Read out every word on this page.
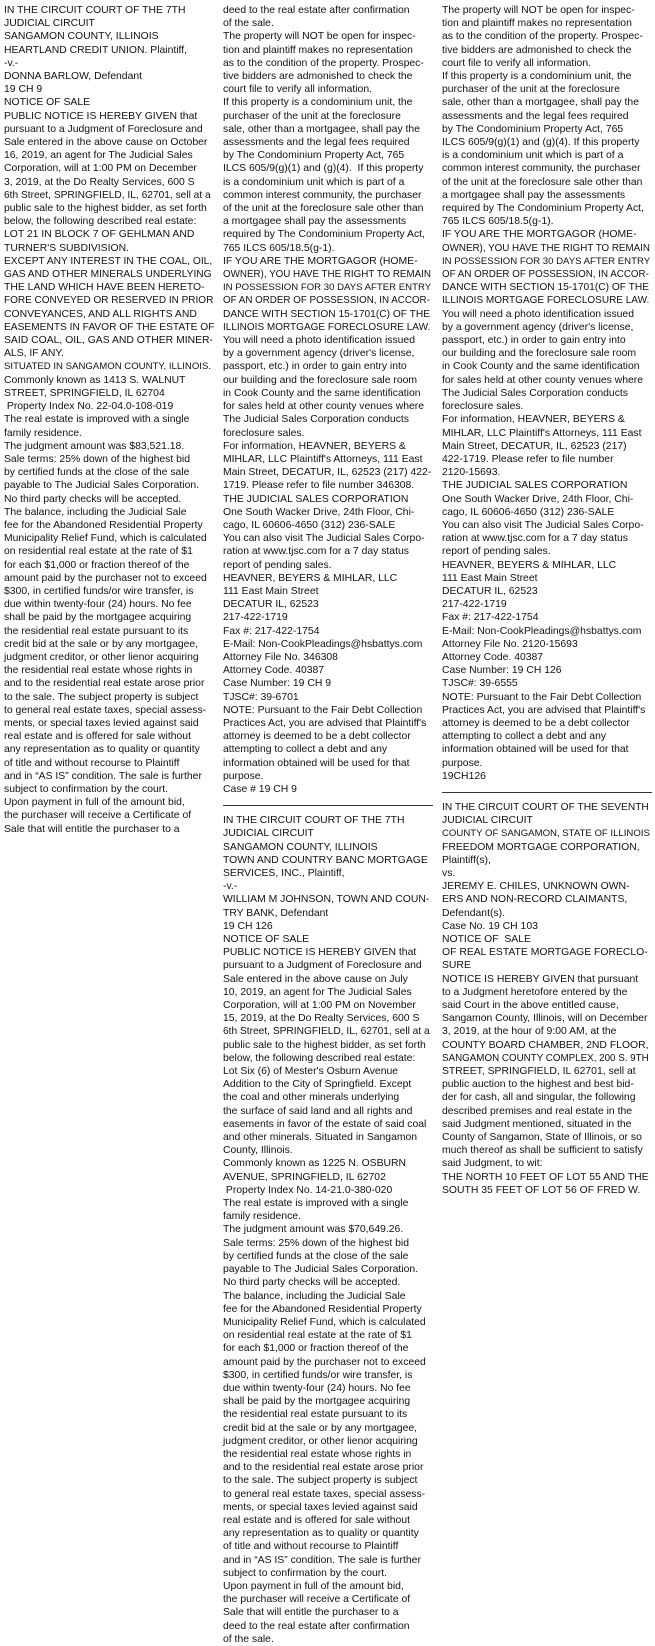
IN THE CIRCUIT COURT OF THE 7TH
JUDICIAL CIRCUIT
SANGAMON COUNTY, ILLINOIS
HEARTLAND CREDIT UNION. Plaintiff,
-v.-
DONNA BARLOW, Defendant
19 CH 9
NOTICE OF SALE
PUBLIC NOTICE IS HEREBY GIVEN that
pursuant to a Judgment of Foreclosure and
Sale entered in the above cause on October
16, 2019, an agent for The Judicial Sales
Corporation, will at 1:00 PM on December
3, 2019, at the Do Realty Services, 600 S
6th Street, SPRINGFIELD, IL, 62701, sell at a
public sale to the highest bidder, as set forth
below, the following described real estate:
LOT 21 IN BLOCK 7 OF GEHLMAN AND
TURNER'S SUBDIVISION.
EXCEPT ANY INTEREST IN THE COAL, OIL,
GAS AND OTHER MINERALS UNDERLYING
THE LAND WHICH HAVE BEEN HERETO-
FORE CONVEYED OR RESERVED IN PRIOR
CONVEYANCES, AND ALL RIGHTS AND
EASEMENTS IN FAVOR OF THE ESTATE OF
SAID COAL, OIL, GAS AND OTHER MINER-
ALS, IF ANY.
SITUATED IN SANGAMON COUNTY, ILLINOIS.
Commonly known as 1413 S. WALNUT
STREET, SPRINGFIELD, IL 62704
Property Index No. 22-04.0-108-019
The real estate is improved with a single
family residence.
The judgment amount was $83,521.18.
Sale terms: 25% down of the highest bid
by certified funds at the close of the sale
payable to The Judicial Sales Corporation.
No third party checks will be accepted.
The balance, including the Judicial Sale
fee for the Abandoned Residential Property
Municipality Relief Fund, which is calculated
on residential real estate at the rate of $1
for each $1,000 or fraction thereof of the
amount paid by the purchaser not to exceed
$300, in certified funds/or wire transfer, is
due within twenty-four (24) hours. No fee
shall be paid by the mortgagee acquiring
the residential real estate pursuant to its
credit bid at the sale or by any mortgagee,
judgment creditor, or other lienor acquiring
the residential real estate whose rights in
and to the residential real estate arose prior
to the sale. The subject property is subject
to general real estate taxes, special assess-
ments, or special taxes levied against said
real estate and is offered for sale without
any representation as to quality or quantity
of title and without recourse to Plaintiff
and in “AS IS” condition. The sale is further
subject to confirmation by the court.
Upon payment in full of the amount bid,
the purchaser will receive a Certificate of
Sale that will entitle the purchaser to a
deed to the real estate after confirmation
of the sale.
The property will NOT be open for inspec-
tion and plaintiff makes no representation
as to the condition of the property. Prospec-
tive bidders are admonished to check the
court file to verify all information.
If this property is a condominium unit, the
purchaser of the unit at the foreclosure
sale, other than a mortgagee, shall pay the
assessments and the legal fees required
by The Condominium Property Act, 765
ILCS 605/9(g)(1) and (g)(4).  If this property
is a condominium unit which is part of a
common interest community, the purchaser
of the unit at the foreclosure sale other than
a mortgagee shall pay the assessments
required by The Condominium Property Act,
765 ILCS 605/18.5(g-1).
IF YOU ARE THE MORTGAGOR (HOME-
OWNER), YOU HAVE THE RIGHT TO REMAIN
IN POSSESSION FOR 30 DAYS AFTER ENTRY
OF AN ORDER OF POSSESSION, IN ACCOR-
DANCE WITH SECTION 15-1701(C) OF THE
ILLINOIS MORTGAGE FORECLOSURE LAW.
You will need a photo identification issued
by a government agency (driver's license,
passport, etc.) in order to gain entry into
our building and the foreclosure sale room
in Cook County and the same identification
for sales held at other county venues where
The Judicial Sales Corporation conducts
foreclosure sales.
For information, HEAVNER, BEYERS &
MIHLAR, LLC Plaintiff's Attorneys, 111 East
Main Street, DECATUR, IL, 62523 (217) 422-
1719. Please refer to file number 346308.
THE JUDICIAL SALES CORPORATION
One South Wacker Drive, 24th Floor, Chi-
cago, IL 60606-4650 (312) 236-SALE
You can also visit The Judicial Sales Corpo-
ration at www.tjsc.com for a 7 day status
report of pending sales.
HEAVNER, BEYERS & MIHLAR, LLC
111 East Main Street
DECATUR IL, 62523
217-422-1719
Fax #: 217-422-1754
E-Mail: Non-CookPleadings@hsbattys.com
Attorney File No. 346308
Attorney Code. 40387
Case Number: 19 CH 9
TJSC#: 39-6701
NOTE: Pursuant to the Fair Debt Collection
Practices Act, you are advised that Plaintiff's
attorney is deemed to be a debt collector
attempting to collect a debt and any
information obtained will be used for that
purpose.
Case # 19 CH 9
IN THE CIRCUIT COURT OF THE 7TH
JUDICIAL CIRCUIT
SANGAMON COUNTY, ILLINOIS
TOWN AND COUNTRY BANC MORTGAGE
SERVICES, INC., Plaintiff,
-v.-
WILLIAM M JOHNSON, TOWN AND COUN-
TRY BANK, Defendant
19 CH 126
NOTICE OF SALE
PUBLIC NOTICE IS HEREBY GIVEN that
pursuant to a Judgment of Foreclosure and
Sale entered in the above cause on July
10, 2019, an agent for The Judicial Sales
Corporation, will at 1:00 PM on November
15, 2019, at the Do Realty Services, 600 S
6th Street, SPRINGFIELD, IL, 62701, sell at a
public sale to the highest bidder, as set forth
below, the following described real estate:
Lot Six (6) of Mester's Osburn Avenue
Addition to the City of Springfield. Except
the coal and other minerals underlying
the surface of said land and all rights and
easements in favor of the estate of said coal
and other minerals. Situated in Sangamon
County, Illinois.
Commonly known as 1225 N. OSBURN
AVENUE, SPRINGFIELD, IL 62702
Property Index No. 14-21.0-380-020
The real estate is improved with a single
family residence.
The judgment amount was $70,649.26.
Sale terms: 25% down of the highest bid
by certified funds at the close of the sale
payable to The Judicial Sales Corporation.
No third party checks will be accepted.
The balance, including the Judicial Sale
fee for the Abandoned Residential Property
Municipality Relief Fund, which is calculated
on residential real estate at the rate of $1
for each $1,000 or fraction thereof of the
amount paid by the purchaser not to exceed
$300, in certified funds/or wire transfer, is
due within twenty-four (24) hours. No fee
shall be paid by the mortgagee acquiring
the residential real estate pursuant to its
credit bid at the sale or by any mortgagee,
judgment creditor, or other lienor acquiring
the residential real estate whose rights in
and to the residential real estate arose prior
to the sale. The subject property is subject
to general real estate taxes, special assess-
ments, or special taxes levied against said
real estate and is offered for sale without
any representation as to quality or quantity
of title and without recourse to Plaintiff
and in “AS IS” condition. The sale is further
subject to confirmation by the court.
Upon payment in full of the amount bid,
the purchaser will receive a Certificate of
Sale that will entitle the purchaser to a
deed to the real estate after confirmation
of the sale.
The property will NOT be open for inspec-
tion and plaintiff makes no representation
as to the condition of the property. Prospec-
tive bidders are admonished to check the
court file to verify all information.
If this property is a condominium unit, the
purchaser of the unit at the foreclosure
sale, other than a mortgagee, shall pay the
assessments and the legal fees required
by The Condominium Property Act, 765
ILCS 605/9(g)(1) and (g)(4). If this property
is a condominium unit which is part of a
common interest community, the purchaser
of the unit at the foreclosure sale other than
a mortgagee shall pay the assessments
required by The Condominium Property Act,
765 ILCS 605/18.5(g-1).
IF YOU ARE THE MORTGAGOR (HOME-
OWNER), YOU HAVE THE RIGHT TO REMAIN
IN POSSESSION FOR 30 DAYS AFTER ENTRY
OF AN ORDER OF POSSESSION, IN ACCOR-
DANCE WITH SECTION 15-1701(C) OF THE
ILLINOIS MORTGAGE FORECLOSURE LAW.
You will need a photo identification issued
by a government agency (driver's license,
passport, etc.) in order to gain entry into
our building and the foreclosure sale room
in Cook County and the same identification
for sales held at other county venues where
The Judicial Sales Corporation conducts
foreclosure sales.
For information, HEAVNER, BEYERS &
MIHLAR, LLC Plaintiff's Attorneys, 111 East
Main Street, DECATUR, IL, 62523 (217)
422-1719. Please refer to file number
2120-15693.
THE JUDICIAL SALES CORPORATION
One South Wacker Drive, 24th Floor, Chi-
cago, IL 60606-4650 (312) 236-SALE
You can also visit The Judicial Sales Corpo-
ration at www.tjsc.com for a 7 day status
report of pending sales.
HEAVNER, BEYERS & MIHLAR, LLC
111 East Main Street
DECATUR IL, 62523
217-422-1719
Fax #: 217-422-1754
E-Mail: Non-CookPleadings@hsbattys.com
Attorney File No. 2120-15693
Attorney Code. 40387
Case Number: 19 CH 126
TJSC#: 39-6555
NOTE: Pursuant to the Fair Debt Collection
Practices Act, you are advised that Plaintiff's
attorney is deemed to be a debt collector
attempting to collect a debt and any
information obtained will be used for that
purpose.
19CH126
IN THE CIRCUIT COURT OF THE SEVENTH
JUDICIAL CIRCUIT
COUNTY OF SANGAMON, STATE OF ILLINOIS
FREEDOM MORTGAGE CORPORATION,
Plaintiff(s),
vs.
JEREMY E. CHILES, UNKNOWN OWN-
ERS AND NON-RECORD CLAIMANTS,
Defendant(s).
Case No. 19 CH 103
NOTICE OF  SALE
OF REAL ESTATE MORTGAGE FORECLO-
SURE
NOTICE IS HEREBY GIVEN that pursuant
to a Judgment heretofore entered by the
said Court in the above entitled cause,
Sangamon County, Illinois, will on December
3, 2019, at the hour of 9:00 AM, at the
COUNTY BOARD CHAMBER, 2ND FLOOR,
SANGAMON COUNTY COMPLEX, 200 S. 9TH
STREET, SPRINGFIELD, IL 62701, sell at
public auction to the highest and best bid-
der for cash, all and singular, the following
described premises and real estate in the
said Judgment mentioned, situated in the
County of Sangamon, State of Illinois, or so
much thereof as shall be sufficient to satisfy
said Judgment, to wit:
THE NORTH 10 FEET OF LOT 55 AND THE
SOUTH 35 FEET OF LOT 56 OF FRED W.
